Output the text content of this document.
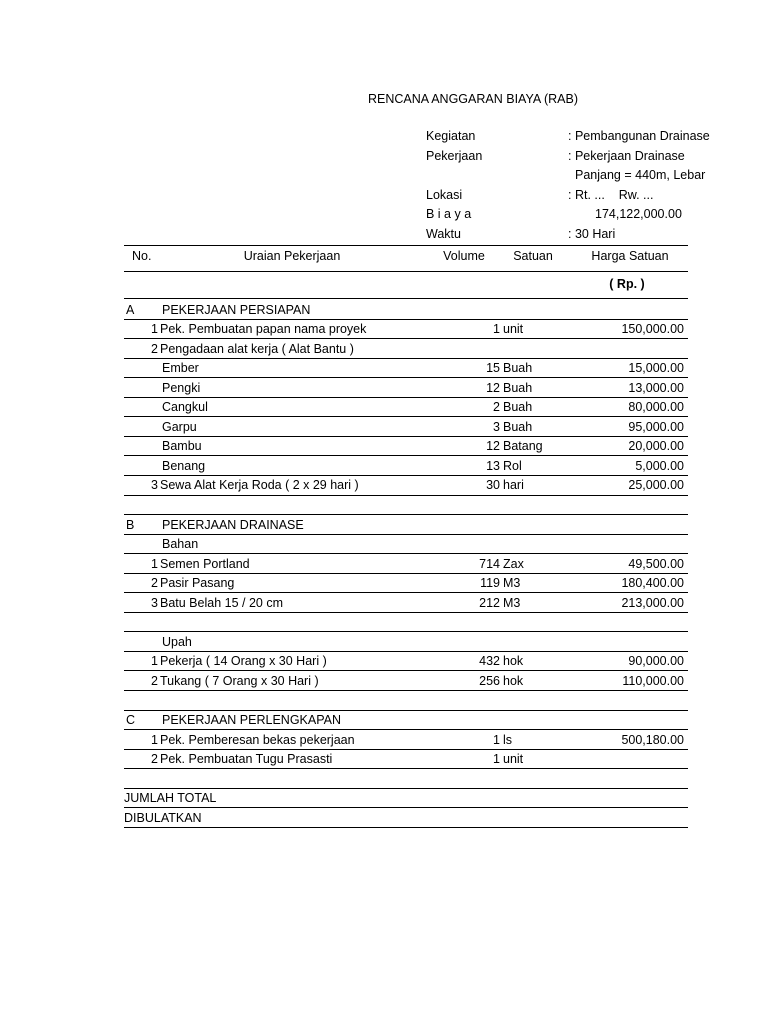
RENCANA ANGGARAN BIAYA (RAB)
Kegiatan	: Pembangunan Drainase
Pekerjaan	: Pekerjaan Drainase
Panjang = 440m, Lebar
Lokasi	: Rt. ...    Rw. ...
B i a y a	174,122,000.00
Waktu	: 30 Hari
No.	Uraian Pekerjaan	Volume	Satuan	Harga Satuan
( Rp. )
A PEKERJAAN PERSIAPAN
1 Pek. Pembuatan papan nama proyek	1 unit	150,000.00
2 Pengadaan alat kerja ( Alat Bantu )
Ember	15 Buah	15,000.00
Pengki	12 Buah	13,000.00
Cangkul	2 Buah	80,000.00
Garpu	3 Buah	95,000.00
Bambu	12 Batang	20,000.00
Benang	13 Rol	5,000.00
3 Sewa Alat Kerja Roda ( 2 x 29 hari )	30 hari	25,000.00
B PEKERJAAN DRAINASE
Bahan
1 Semen Portland	714 Zax	49,500.00
2 Pasir Pasang	119 M3	180,400.00
3 Batu Belah 15 / 20 cm	212 M3	213,000.00
Upah
1 Pekerja ( 14 Orang x 30 Hari )	432 hok	90,000.00
2 Tukang ( 7 Orang x 30 Hari )	256 hok	110,000.00
C PEKERJAAN PERLENGKAPAN
1 Pek. Pemberesan bekas pekerjaan	1 ls	500,180.00
2 Pek. Pembuatan Tugu Prasasti	1 unit
JUMLAH TOTAL
DIBULATKAN
